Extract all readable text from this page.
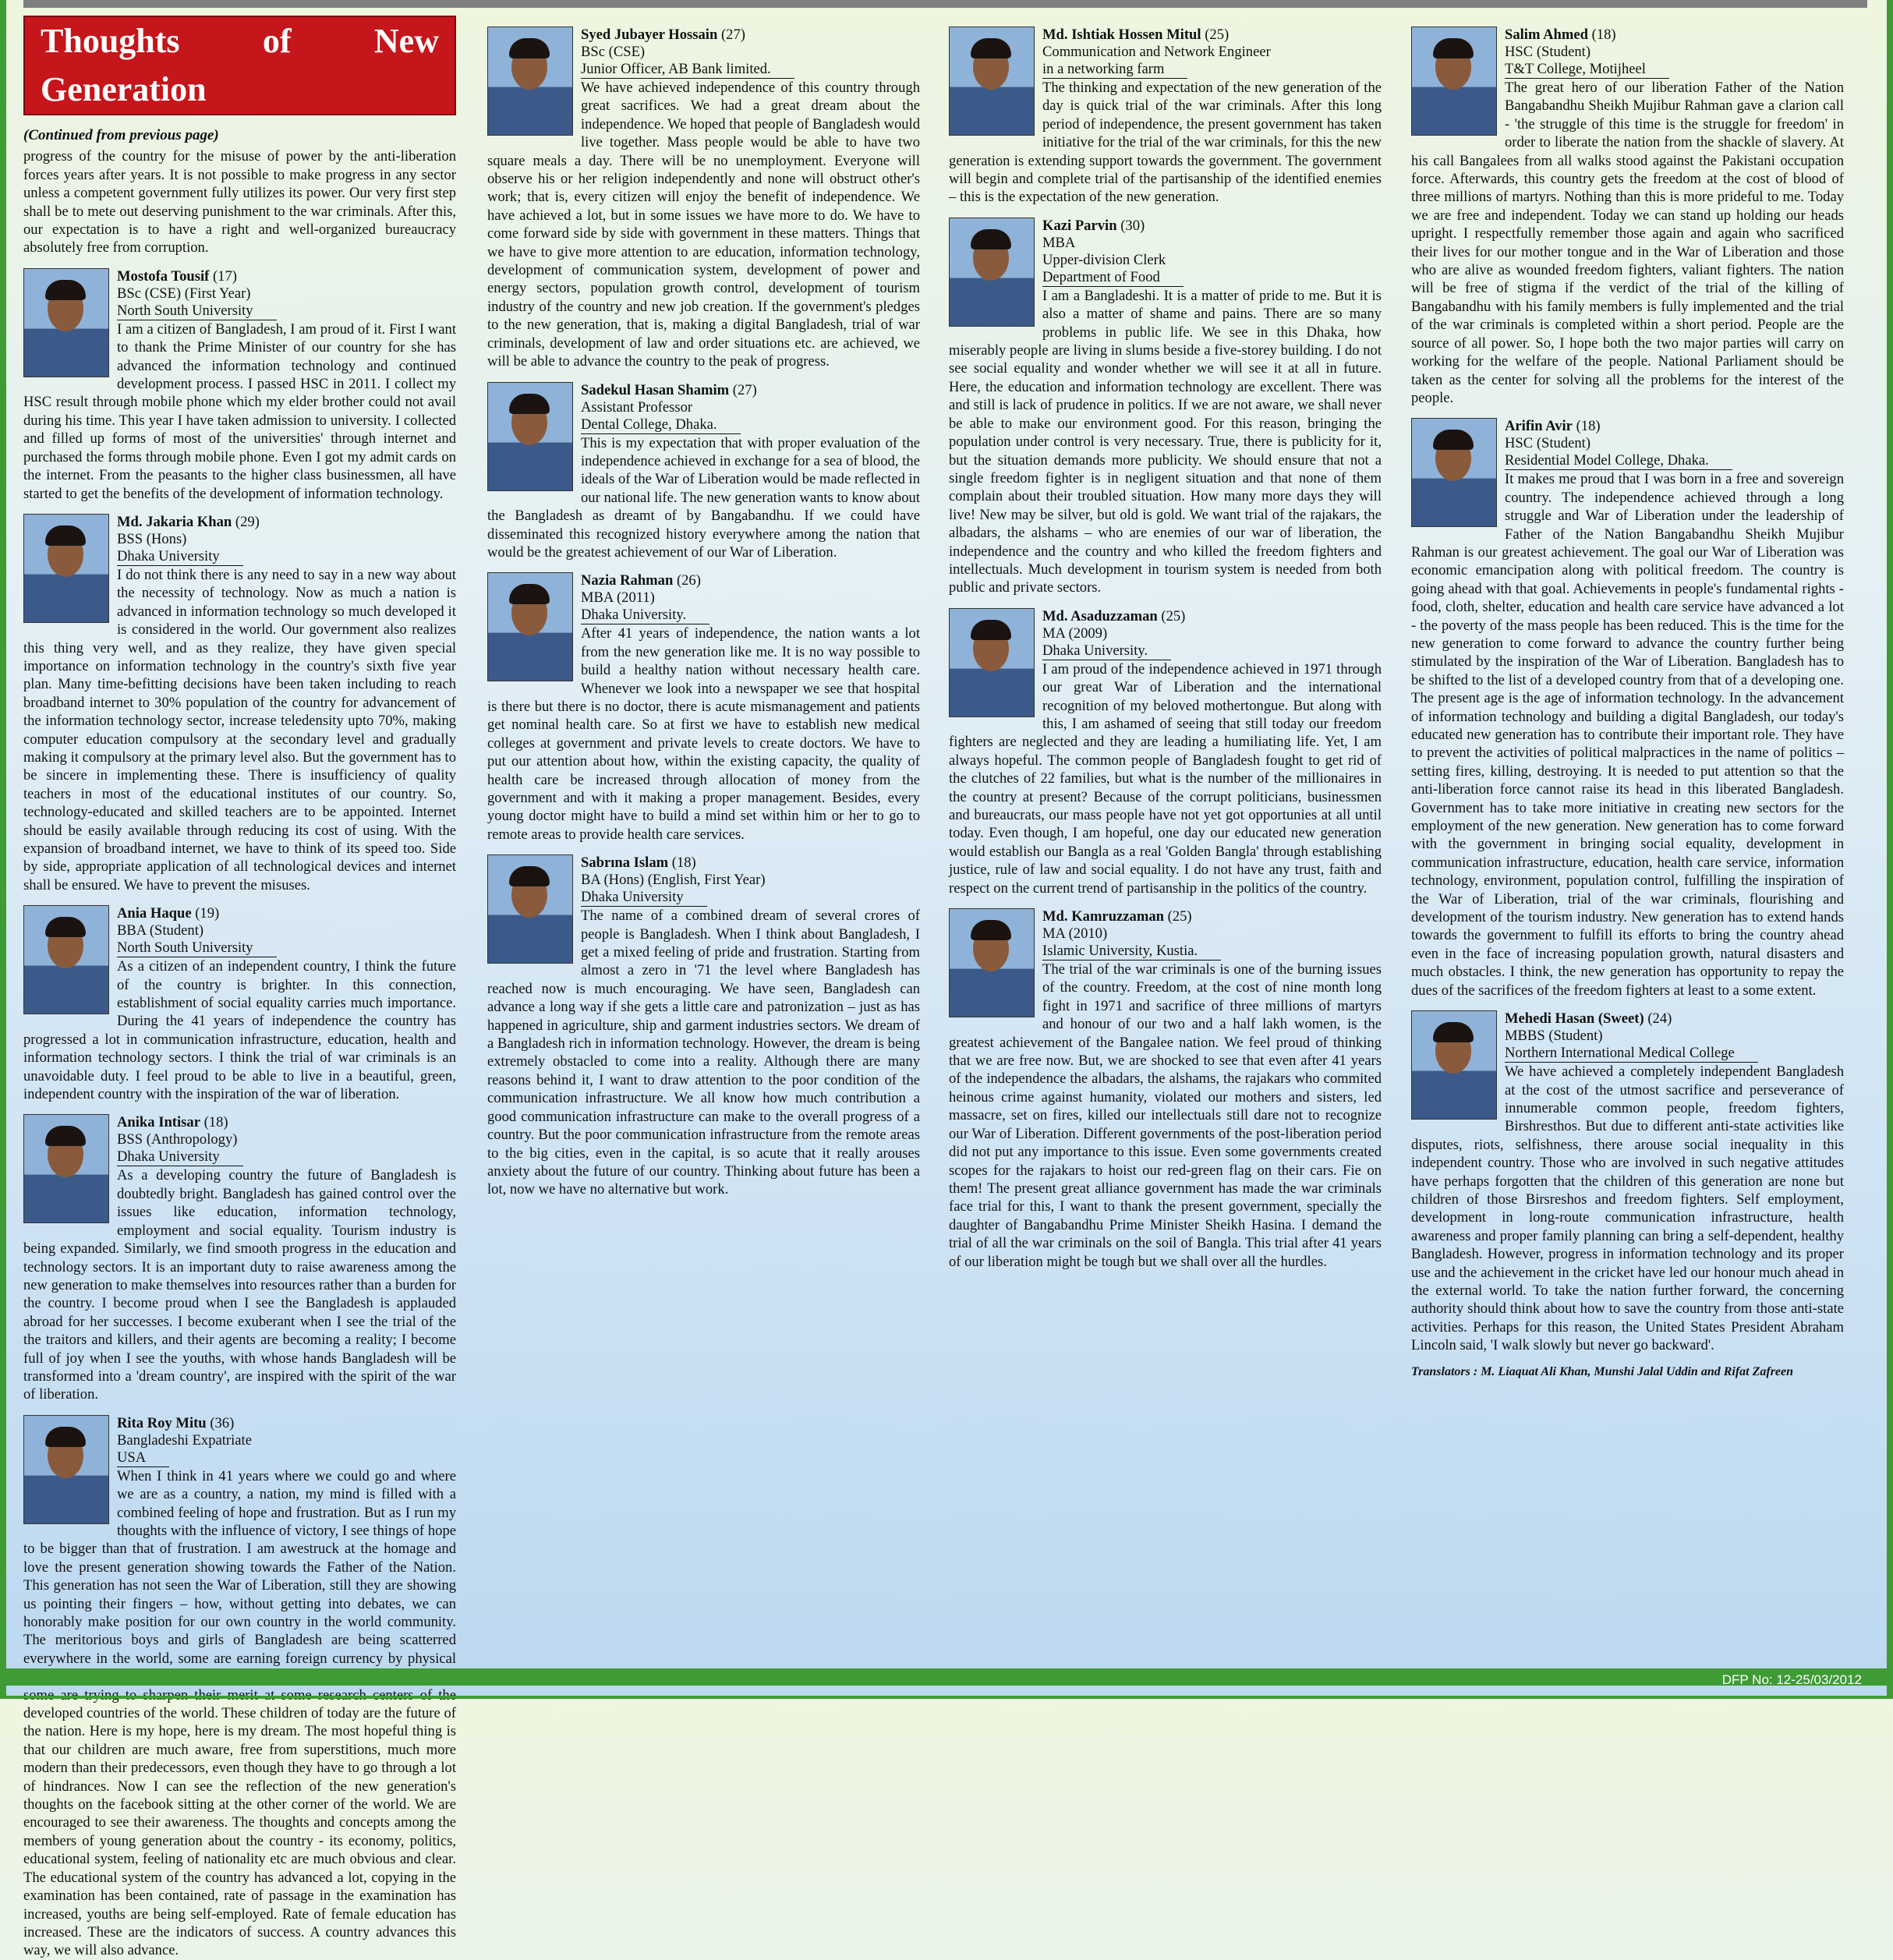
Thoughts of New Generation
(Continued from previous page)

progress of the country for the misuse of power by the anti-liberation forces years after years. It is not possible to make progress in any sector unless a competent government fully utilizes its power. Our very first step shall be to mete out deserving punishment to the war criminals. After this, our expectation is to have a right and well-organized bureaucracy absolutely free from corruption.

Mostofa Tousif (17)
BSc (CSE) (First Year)
North South University

I am a citizen of Bangladesh, I am proud of it. First I want to thank the Prime Minister of our country for she has advanced the information technology and continued development process. I passed HSC in 2011. I collect my HSC result through mobile phone which my elder brother could not avail during his time. This year I have taken admission to university. I collected and filled up forms of most of the universities' through internet and purchased the forms through mobile phone. Even I got my admit cards on the internet. From the peasants to the higher class businessmen, all have started to get the benefits of the development of information technology.

Md. Jakaria Khan (29)
BSS (Hons)
Dhaka University

I do not think there is any need to say in a new way about the necessity of technology. Now as much a nation is advanced in information technology so much developed it is considered in the world. Our government also realizes this thing very well, and as they realize, they have given special importance on information technology in the country's sixth five year plan. Many time-befitting decisions have been taken including to reach broadband internet to 30% population of the country for advancement of the information technology sector, increase teledensity upto 70%, making computer education compulsory at the secondary level and gradually making it compulsory at the primary level also. But the government has to be sincere in implementing these. There is insufficiency of quality teachers in most of the educational institutes of our country. So, technology-educated and skilled teachers are to be appointed. Internet should be easily available through reducing its cost of using. With the expansion of broadband internet, we have to think of its speed too. Side by side, appropriate application of all technological devices and internet shall be ensured. We have to prevent the misuses.

Ania Haque (19)
BBA (Student)
North South University

As a citizen of an independent country, I think the future of the country is brighter. In this connection, establishment of social equality carries much importance. During the 41 years of independence the country has progressed a lot in communication infrastructure, education, health and information technology sectors. I think the trial of war criminals is an unavoidable duty. I feel proud to be able to live in a beautiful, green, independent country with the inspiration of the war of liberation.

Anika Intisar (18)
BSS (Anthropology)
Dhaka University

As a developing country the future of Bangladesh is doubtedly bright. Bangladesh has gained control over the issues like education, information technology, employment and social equality. Tourism industry is being expanded. Similarly, we find smooth progress in the education and technology sectors. It is an important duty to raise awareness among the new generation to make themselves into resources rather than a burden for the country. I become proud when I see the Bangladesh is applauded abroad for her successes. I become exuberant when I see the trial of the the traitors and killers, and their agents are becoming a reality; I become full of joy when I see the youths, with whose hands Bangladesh will be transformed into a 'dream country', are inspired with the spirit of the war of liberation.

Rita Roy Mitu (36)
Bangladeshi Expatriate
USA

When I think in 41 years where we could go and where we are as a country, a nation, my mind is filled with a combined feeling of hope and frustration. But as I run my thoughts with the influence of victory, I see things of hope to be bigger than that of frustration. I am awestruck at the homage and love the present generation showing towards the Father of the Nation. This generation has not seen the War of Liberation, still they are showing us pointing their fingers – how, without getting into debates, we can honorably make position for our own country in the world community. The meritorious boys and girls of Bangladesh are being scatterred everywhere in the world, some are earning foreign currency by physical developed countries of the world. These children of today are the future of the nation. Here is my hope, here is my dream. The most hopeful thing is that our children are much aware, free from superstitions, much more modern than their predecessors, even though they have to go through a lot of hindrances. Now I can see the reflection of the new generation's thoughts on the facebook sitting at the other corner of the world. We are encouraged to see their awareness. The thoughts and concepts among the members of young generation about the country - its economy, politics, educational system, feeling of nationality etc are much obvious and clear. The educational system of the country has advanced a lot, copying in the examination has been contained, rate of passage in the examination has increased, youths are being self-employed. Rate of female education has increased. These are the indicators of success. A country advances this way, we will also advance.

Syed Jubayer Hossain (27)
BSc (CSE)
Junior Officer, AB Bank limited.

We have achieved independence of this country through great sacrifices. We had a great dream about the independence. We hoped that people of Bangladesh would live together. Mass people would be able to have two square meals a day. There will be no unemployment. Everyone will observe his or her religion independently and none will obstruct other's work; that is, every citizen will enjoy the benefit of independence. We have achieved a lot, but in some issues we have more to do. We have to come forward side by side with government in these matters. Things that we have to give more attention to are education, information technology, development of communication system, development of power and energy sectors, population growth control, development of tourism industry of the country and new job creation. If the government's pledges to the new generation, that is, making a digital Bangladesh, trial of war criminals, development of law and order situations etc. are achieved, we will be able to advance the country to the peak of progress.

Sadekul Hasan Shamim (27)
Assistant Professor
Dental College, Dhaka.

This is my expectation that with proper evaluation of the independence achieved in exchange for a sea of blood, the ideals of the War of Liberation would be made reflected in our national life. The new generation wants to know about the Bangladesh as dreamt of by Bangabandhu. If we could have disseminated this recognized history everywhere among the nation that would be the greatest achievement of our War of Liberation.

Nazia Rahman (26)
MBA (2011)
Dhaka University.

After 41 years of independence, the nation wants a lot from the new generation like me. It is no way possible to build a healthy nation without necessary health care. Whenever we look into a newspaper we see that hospital is there but there is no doctor, there is acute mismanagement and patients get nominal health care. So at first we have to establish new medical colleges at government and private levels to create doctors. We have to put our attention about how, within the existing capacity, the quality of health care be increased through allocation of money from the government and with it making a proper management. Besides, every young doctor might have to build a mind set within him or her to go to remote areas to provide health care services.

Sabrına Islam (18)
BA (Hons) (English, First Year)
Dhaka University

The name of a combined dream of several crores of people is Bangladesh. When I think about Bangladesh, I get a mixed feeling of pride and frustration. Starting from almost a zero in '71 the level where Bangladesh has reached now is much encouraging. We have seen, Bangladesh can advance a long way if she gets a little care and patronization – just as has happened in agriculture, ship and garment industries sectors. We dream of a Bangladesh rich in information technology. However, the dream is being extremely obstacled to come into a reality. Although there are many reasons behind it, I want to draw attention to the poor condition of the communication infrastructure. We all know how much contribution a good communication infrastructure can make to the overall progress of a country. But the poor communication infrastructure from the remote areas to the big cities, even in the capital, is so acute that it really arouses anxiety about the future of our country. Thinking about future has been a lot, now we have no alternative but work.

Md. Ishtiak Hossen Mitul (25)
Communication and Network Engineer
in a networking farm

The thinking and expectation of the new generation of the day is quick trial of the war criminals. After this long period of independence, the present government has taken initiative for the trial of the war criminals, for this the new generation is extending support towards the government. The government will begin and complete trial of the partisanship of the identified enemies – this is the expectation of the new generation.

Kazi Parvin (30)
MBA
Upper-division Clerk
Department of Food

I am a Bangladeshi. It is a matter of pride to me. But it is also a matter of shame and pains. There are so many problems in public life. We see in this Dhaka, how miserably people are living in slums beside a five-storey building. I do not see social equality and wonder whether we will see it at all in future. Here, the education and information technology are excellent. There was and still is lack of prudence in politics. If we are not aware, we shall never be able to make our environment good. For this reason, bringing the population under control is very necessary. True, there is publicity for it, but the situation demands more publicity. We should ensure that not a single freedom fighter is in negligent situation and that none of them complain about their troubled situation. How many more days they will live! New may be silver, but old is gold. We want trial of the rajakars, the albadars, the alshams – who are enemies of our war of liberation, the independence and the country and who killed the freedom fighters and intellectuals. Much development in tourism system is needed from both public and private sectors.

Md. Asaduzzaman (25)
MA (2009)
Dhaka University.

I am proud of the independence achieved in 1971 through our great War of Liberation and the international recognition of my beloved mothertongue. But along with this, I am ashamed of seeing that still today our freedom fighters are neglected and they are leading a humiliating life. Yet, I am always hopeful. The common people of Bangladesh fought to get rid of the clutches of 22 families, but what is the number of the millionaires in the country at present? Because of the corrupt politicians, businessmen and bureaucrats, our mass people have not yet got opportunies at all until today. Even though, I am hopeful, one day our educated new generation would establish our Bangla as a real 'Golden Bangla' through establishing justice, rule of law and social equality. I do not have any trust, faith and respect on the current trend of partisanship in the politics of the country.

Md. Kamruzzaman (25)
MA (2010)
Islamic University, Kustia.

The trial of the war criminals is one of the burning issues of the country. Freedom, at the cost of nine month long fight in 1971 and sacrifice of three millions of martyrs and honour of our two and a half lakh women, is the greatest achievement of the Bangalee nation. We feel proud of thinking that we are free now. But, we are shocked to see that even after 41 years of the independence the albadars, the alshams, the rajakars who commited heinous crime against humanity, violated our mothers and sisters, led massacre, set on fires, killed our intellectuals still dare not to recognize our War of Liberation. Different governments of the post-liberation period did not put any importance to this issue. Even some governments created scopes for the rajakars to hoist our red-green flag on their cars. Fie on them! The present great alliance government has made the war criminals face trial for this, I want to thank the present government, specially the daughter of Bangabandhu Prime Minister Sheikh Hasina. I demand the trial of all the war criminals on the soil of Bangla. This trial after 41 years of our liberation might be tough but we shall over all the hurdles.

Salim Ahmed (18)
HSC (Student)
T&T College, Motijheel

The great hero of our liberation Father of the Nation Bangabandhu Sheikh Mujibur Rahman gave a clarion call - 'the struggle of this time is the struggle for freedom' in order to liberate the nation from the shackle of slavery. At his call Bangalees from all walks stood against the Pakistani occupation force. Afterwards, this country gets the freedom at the cost of blood of three millions of martyrs. Nothing than this is more prideful to me. Today we are free and independent. Today we can stand up holding our heads upright. I respectfully remember those again and again who sacrificed their lives for our mother tongue and in the War of Liberation and those who are alive as wounded freedom fighters, valiant fighters. The nation will be free of stigma if the verdict of the trial of the killing of Bangabandhu with his family members is fully implemented and the trial of the war criminals is completed within a short period. People are the source of all power. So, I hope both the two major parties will carry on working for the welfare of the people. National Parliament should be taken as the center for solving all the problems for the interest of the people.

Arifin Avir (18)
HSC (Student)
Residential Model College, Dhaka.

It makes me proud that I was born in a free and sovereign country. The independence achieved through a long struggle and War of Liberation under the leadership of Father of the Nation Bangabandhu Sheikh Mujibur Rahman is our greatest achievement. The goal our War of Liberation was economic emancipation along with political freedom. The country is going ahead with that goal. Achievements in people's fundamental rights - food, cloth, shelter, education and health care service have advanced a lot - the poverty of the mass people has been reduced. This is the time for the new generation to come forward to advance the country further being stimulated by the inspiration of the War of Liberation. Bangladesh has to be shifted to the list of a developed country from that of a developing one. The present age is the age of information technology. In the advancement of information technology and building a digital Bangladesh, our today's educated new generation has to contribute their important role. They have to prevent the activities of political malpractices in the name of politics – setting fires, killing, destroying. It is needed to put attention so that the anti-liberation force cannot raise its head in this liberated Bangladesh. Government has to take more initiative in creating new sectors for the employment of the new generation. New generation has to come forward with the government in bringing social equality, development in communication infrastructure, education, health care service, information technology, environment, population control, fulfilling the inspiration of the War of Liberation, trial of the war criminals, flourishing and development of the tourism industry. New generation has to extend hands towards the government to fulfill its efforts to bring the country ahead even in the face of increasing population growth, natural disasters and much obstacles. I think, the new generation has opportunity to repay the dues of the sacrifices of the freedom fighters at least to a some extent.

Mehedi Hasan (Sweet) (24)
MBBS (Student)
Northern International Medical College

We have achieved a completely independent Bangladesh at the cost of the utmost sacrifice and perseverance of innumerable common people, freedom fighters, Birshresthos. But due to different anti-state activities like disputes, riots, selfishness, there arouse social inequality in this independent country. Those who are involved in such negative attitudes have perhaps forgotten that the children of this generation are none but children of those Birsreshos and freedom fighters. Self employment, development in long-route communication infrastructure, health awareness and proper family planning can bring a self-dependent, healthy Bangladesh. However, progress in information technology and its proper use and the achievement in the cricket have led our honour much ahead in the external world. To take the nation further forward, the concerning authority should think about how to save the country from those anti-state activities. Perhaps for this reason, the United States President Abraham Lincoln said, 'I walk slowly but never go backward'.

Translators : M. Liaquat Ali Khan, Munshi Jalal Uddin and Rifat Zafreen
DFP No: 12-25/03/2012
